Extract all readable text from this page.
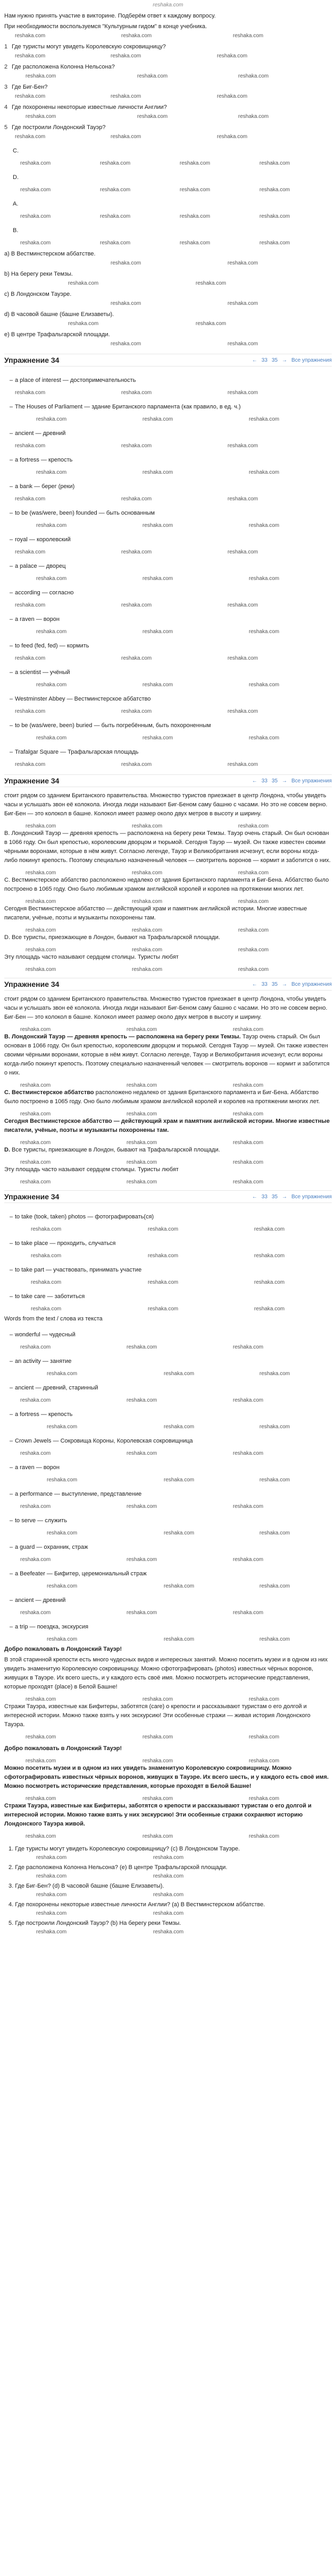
reshaka.com
Нам нужно принять участие в викторине. Подберём ответ к каждому вопросу.
При необходимости воспользуемся "Культурным гидом" в конце учебника.
reshaka.com	reshaka.com	reshaka.com
1 Где туристы могут увидеть Королевскую сокровищницу?
reshaka.com	reshaka.com	reshaka.com
2 Где расположена Колонна Нельсона?
reshaka.com	reshaka.com	reshaka.com
3 Где Биг-Бен?
reshaka.com	reshaka.com	reshaka.com
4 Где похоронены некоторые известные личности Англии?
reshaka.com	reshaka.com	reshaka.com
5 Где построили Лондонский Тауэр?
reshaka.com	reshaka.com	reshaka.com
C.
reshaka.com	reshaka.com	reshaka.com	reshaka.com
D.
reshaka.com	reshaka.com	reshaka.com	reshaka.com
A.
reshaka.com	reshaka.com	reshaka.com	reshaka.com
B.
reshaka.com	reshaka.com	reshaka.com	reshaka.com
a) В Вестминстерском аббатстве.
reshaka.com	reshaka.com
b) На берегу реки Темзы.
reshaka.com	reshaka.com
c) В Лондонском Тауэре.
reshaka.com	reshaka.com
d) В часовой башне (башне Елизаветы).
reshaka.com	reshaka.com
e) В центре Трафальгарской площади.
reshaka.com	reshaka.com
Упражнение 34	← 33 35 → Все упражнения
– a place of interest — достопримечательность
reshaka.com	reshaka.com	reshaka.com
– The Houses of Parliament — здание Британского парламента (как правило, в ед. ч.)
reshaka.com	reshaka.com	reshaka.com
– ancient — древний
reshaka.com	reshaka.com	reshaka.com
– a fortress — крепость
reshaka.com	reshaka.com	reshaka.com
– a bank — берег (реки)
reshaka.com	reshaka.com	reshaka.com
– to be (was/were, been) founded — быть основанным
reshaka.com	reshaka.com	reshaka.com
– royal — королевский
reshaka.com	reshaka.com	reshaka.com
– a palace — дворец
reshaka.com	reshaka.com	reshaka.com
– according — согласно
reshaka.com	reshaka.com	reshaka.com
– a raven — ворон
reshaka.com	reshaka.com	reshaka.com
– to feed (fed, fed) — кормить
reshaka.com	reshaka.com	reshaka.com
– a scientist — учёный
reshaka.com	reshaka.com	reshaka.com
– Westminster Abbey — Вестминстерское аббатство
reshaka.com	reshaka.com	reshaka.com
– to be (was/were, been) buried — быть погребённым, быть похороненным
reshaka.com	reshaka.com	reshaka.com
– Trafalgar Square — Трафальгарская площадь
reshaka.com	reshaka.com	reshaka.com
Упражнение 34	← 33 35 → Все упражнения

стоит рядом со зданием Британского правительства. Множество туристов приезжает в центр Лондона, чтобы увидеть часы и услышать звон её колокола. Иногда люди называют Биг-Беном саму башню с часами. Но это не совсем верно. Биг-Бен — это колокол в башне. Колокол имеет размер около двух метров в высоту и ширину.

reshaka.com	reshaka.com	reshaka.com

B. Лондонский Тауэр — древняя крепость — расположена на берегу реки Темзы. Тауэр очень старый. Он был основан в 1066 году. Он был крепостью, королевским дворцом и тюрьмой. Сегодня Тауэр — музей. Он также известен своими чёрными воронами, которые в нём живут. Согласно легенде, Тауэр и Великобритания исчезнут, если вороны когда-либо покинут крепость. Поэтому специально назначенный человек — смотритель воронов — кормит и заботится о них.

reshaka.com	reshaka.com	reshaka.com

C. Вестминстерское аббатство расположено недалеко от здания Британского парламента и Биг-Бена. Аббатство было построено в 1065 году. Оно было любимым храмом английской королей и королев на протяжении многих лет.

reshaka.com	reshaka.com	reshaka.com

Сегодня Вестминстерское аббатство — действующий храм и памятник английской истории. Многие известные писатели, учёные, поэты и музыканты похоронены там.

reshaka.com	reshaka.com	reshaka.com

D. Все туристы, приезжающие в Лондон, бывают на Трафальгарской площади.

reshaka.com	reshaka.com	reshaka.com

Эту площадь часто называют сердцем столицы. Туристы любят

reshaka.com	reshaka.com	reshaka.com
Упражнение 34	← 33 35 → Все упражнения

стоит рядом со зданием Британского правительства. Множество туристов приезжает в центр Лондона, чтобы увидеть часы и услышать звон её колокола. Иногда люди называют Биг-Беном саму башню с часами. Но это не совсем верно. Биг-Бен — это колокол в башне. Колокол имеет размер около двух метров в высоту и ширину.

reshaka.com	reshaka.com	reshaka.com

B. Лондонский Тауэр — древняя крепость — расположена на берегу реки Темзы. Тауэр очень старый. Он был основан в 1066 году. Он был крепостью, королевским дворцом и тюрьмой. Сегодня Тауэр — музей. Он также известен своими чёрными воронами, которые в нём живут. Согласно легенде, Тауэр и Великобритания исчезнут, если вороны когда-либо покинут крепость. Поэтому специально назначенный человек — смотритель воронов — кормит и заботится о них.

reshaka.com	reshaka.com	reshaka.com

C. Вестминстерское аббатство расположено недалеко от здания Британского парламента и Биг-Бена. Аббатство было построено в 1065 году. Оно было любимым храмом английской королей и королев на протяжении многих лет.

reshaka.com	reshaka.com	reshaka.com

Сегодня Вестминстерское аббатство — действующий храм и памятник английской истории. Многие известные писатели, учёные, поэты и музыканты похоронены там.

reshaka.com	reshaka.com	reshaka.com

D. Все туристы, приезжающие в Лондон, бывают на Трафальгарской площади.

reshaka.com	reshaka.com	reshaka.com

Эту площадь часто называют сердцем столицы. Туристы любят

reshaka.com	reshaka.com	reshaka.com
Упражнение 34	← 33 35 → Все упражнения
– to take (took, taken) photos — фотографировать(ся)
reshaka.com	reshaka.com	reshaka.com
– to take place — проходить, случаться
reshaka.com	reshaka.com	reshaka.com
– to take part — участвовать, принимать участие
reshaka.com	reshaka.com	reshaka.com
– to take care — заботиться
reshaka.com	reshaka.com	reshaka.com
Words from the text / слова из текста
– wonderful — чудесный
reshaka.com	reshaka.com	reshaka.com
– an activity — занятие
reshaka.com	reshaka.com	reshaka.com
– ancient — древний, старинный
reshaka.com	reshaka.com	reshaka.com
– a fortress — крепость
reshaka.com	reshaka.com	reshaka.com
– Crown Jewels — Сокровища Короны, Королевская сокровищница
reshaka.com	reshaka.com	reshaka.com
– a raven — ворон
reshaka.com	reshaka.com	reshaka.com
– a performance — выступление, представление
reshaka.com	reshaka.com	reshaka.com
– to serve — служить
reshaka.com	reshaka.com	reshaka.com
– a guard — охранник, страж
reshaka.com	reshaka.com	reshaka.com
– a Beefeater — Бифитер, церемониальный страж
reshaka.com	reshaka.com	reshaka.com
– ancient — древний
reshaka.com	reshaka.com	reshaka.com
– a trip — поездка, экскурсия
reshaka.com	reshaka.com	reshaka.com
Добро пожаловать в Лондонский Тауэр!

В этой старинной крепости есть много чудесных видов и интересных занятий. Можно посетить музеи и в одном из них увидеть знаменитую Королевскую сокровищницу. Можно сфотографировать (photos) известных чёрных воронов, живущих в Тауэре. Их всего шесть, и у каждого есть своё имя. Можно посмотреть исторические представления, которые проходят (place) в Белой Башне!

reshaka.com	reshaka.com	reshaka.com

Стражи Тауэра, известные как Бифитеры, заботятся (care) о крепости и рассказывают туристам о его долгой и интересной истории. Можно также взять у них экскурсию! Эти особенные стражи — живая история Лондонского Тауэра.

reshaka.com	reshaka.com	reshaka.com

Добро пожаловать в Лондонский Тауэр!

reshaka.com	reshaka.com	reshaka.com

Можно посетить музеи и в одном из них увидеть знаменитую Королевскую сокровищницу. Можно сфотографировать известных чёрных воронов, живущих в Тауэре. Их всего шесть, и у каждого есть своё имя. Можно посмотреть исторические представления, которые проходят в Белой Башне!

reshaka.com	reshaka.com	reshaka.com

Стражи Тауэра, известные как Бифитеры, заботятся о крепости и рассказывают туристам о его долгой и интересной истории. Можно также взять у них экскурсию! Эти особенные стражи сохраняют историю Лондонского Тауэра живой.

reshaka.com	reshaka.com	reshaka.com
1. Где туристы могут увидеть Королевскую сокровищницу? (c) В Лондонском Тауэре.
reshaka.com	reshaka.com
2. Где расположена Колонна Нельсона? (e) В центре Трафальгарской площади.
reshaka.com	reshaka.com
3. Где Биг-Бен? (d) В часовой башне (башне Елизаветы).
reshaka.com	reshaka.com
4. Где похоронены некоторые известные личности Англии? (a) В Вестминстерском аббатстве.
reshaka.com	reshaka.com
5. Где построили Лондонский Тауэр? (b) На берегу реки Темзы.
reshaka.com	reshaka.com
